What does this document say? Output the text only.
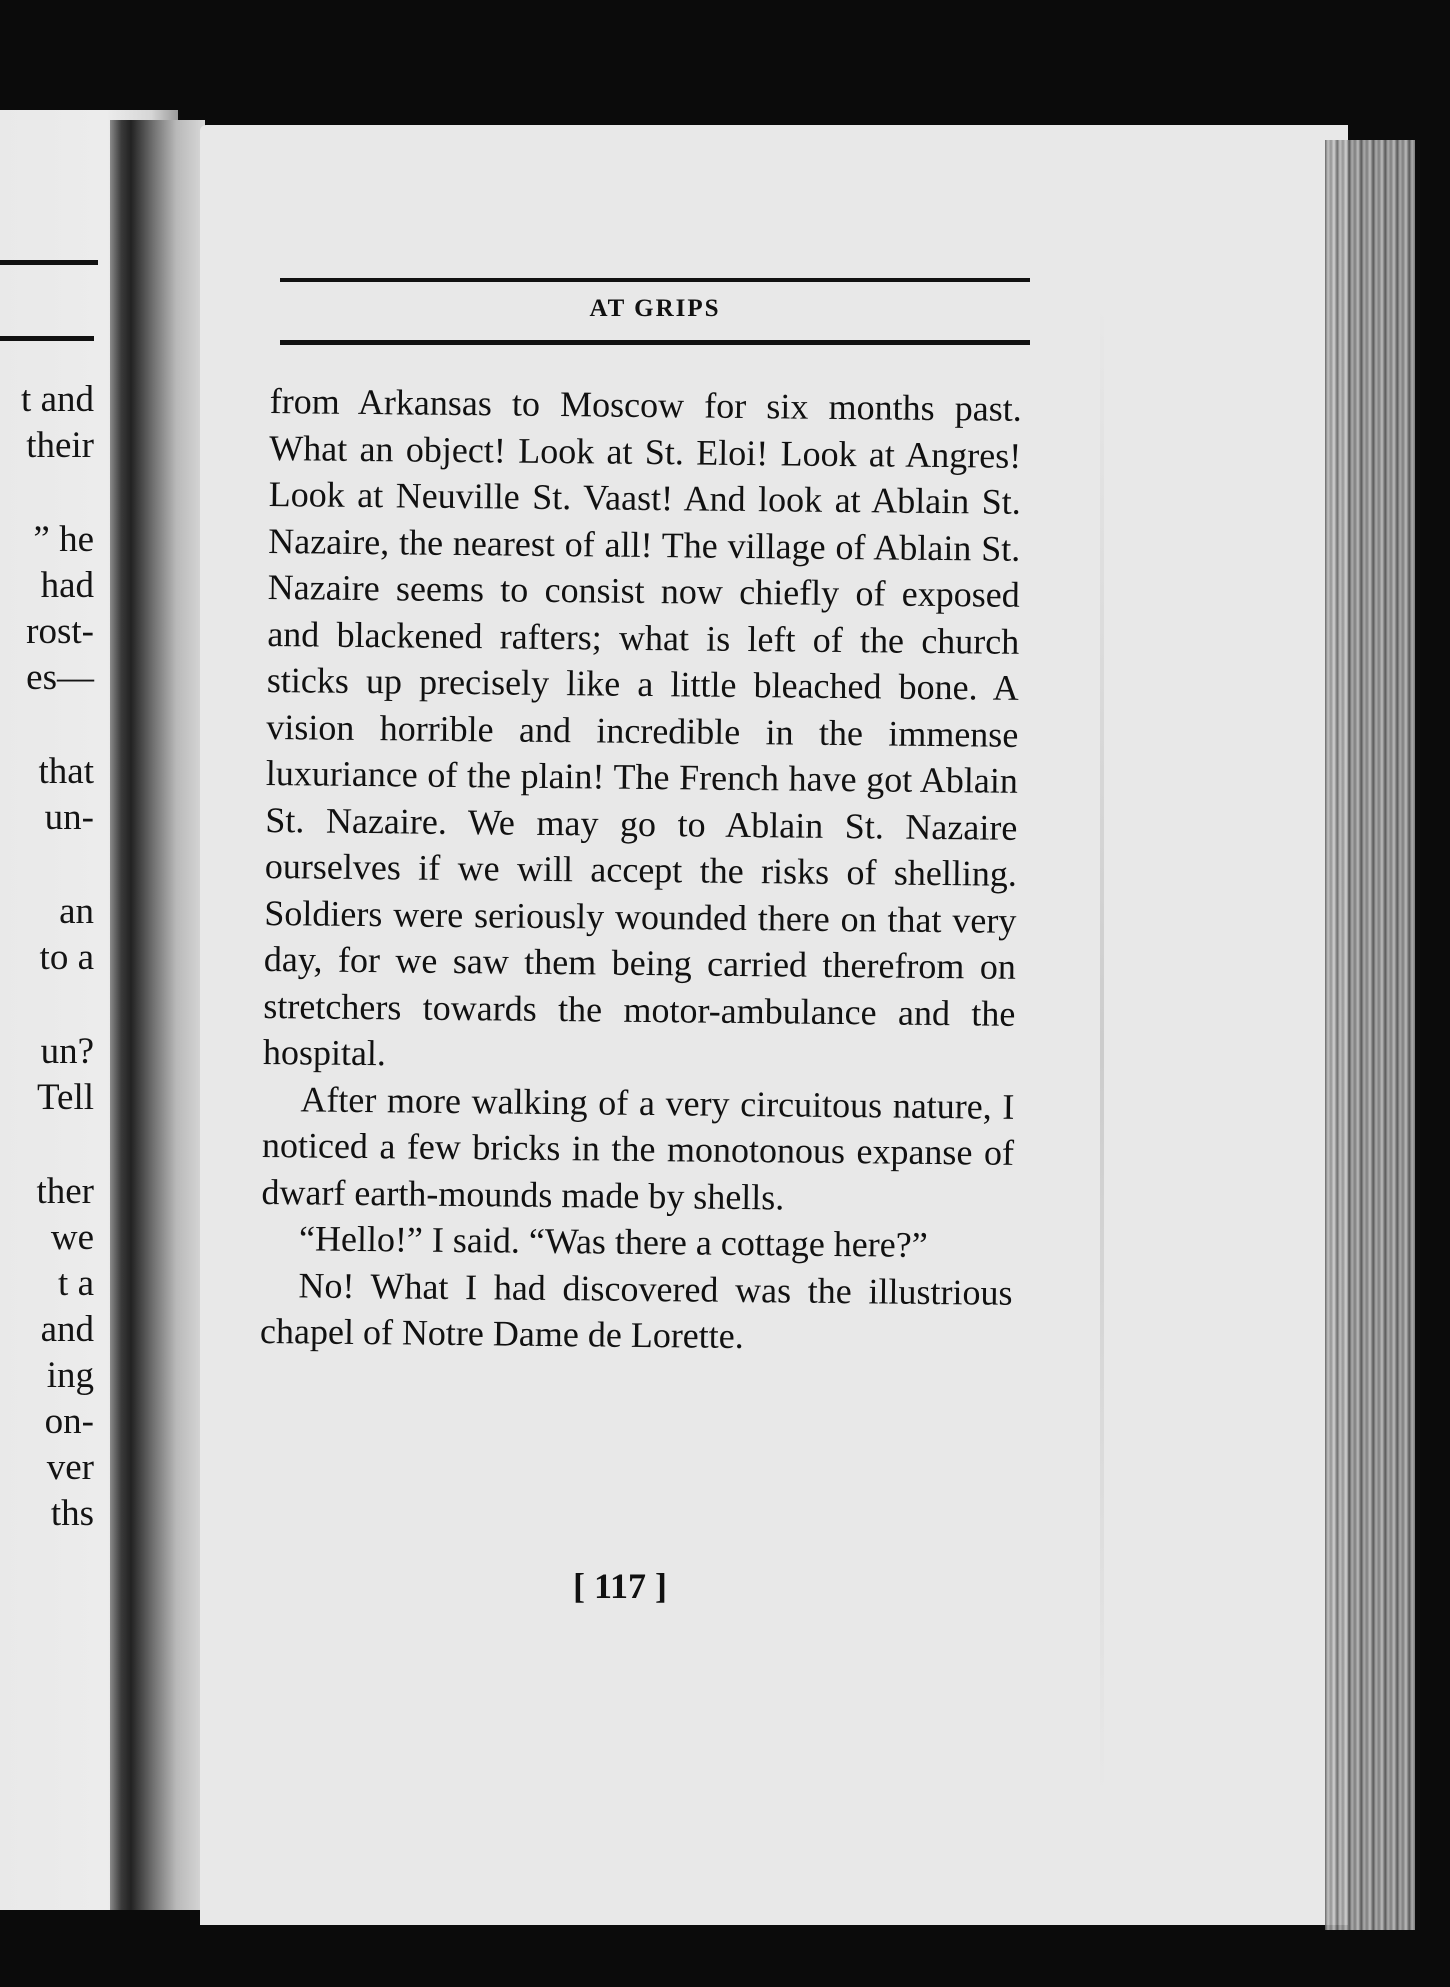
t and
their
” he
had
rost-
es—
that
un-
an
to a
un?
Tell
ther
we
t a
and
ing
on-
ver
ths
AT GRIPS

from Arkansas to Moscow for six months past. What an object! Look at St. Eloi! Look at Angres! Look at Neuville St. Vaast! And look at Ablain St. Nazaire, the nearest of all! The village of Ablain St. Nazaire seems to consist now chiefly of exposed and blackened rafters; what is left of the church sticks up precisely like a little bleached bone. A vision horrible and incredible in the immense luxuriance of the plain! The French have got Ablain St. Nazaire. We may go to Ablain St. Nazaire ourselves if we will accept the risks of shelling. Soldiers were seriously wounded there on that very day, for we saw them being carried therefrom on stretchers towards the motor-ambulance and the hospital.

After more walking of a very circuitous nature, I noticed a few bricks in the monotonous expanse of dwarf earth-mounds made by shells.

“Hello!” I said. “Was there a cottage here?”

No! What I had discovered was the illustrious chapel of Notre Dame de Lorette.

[ 117 ]
